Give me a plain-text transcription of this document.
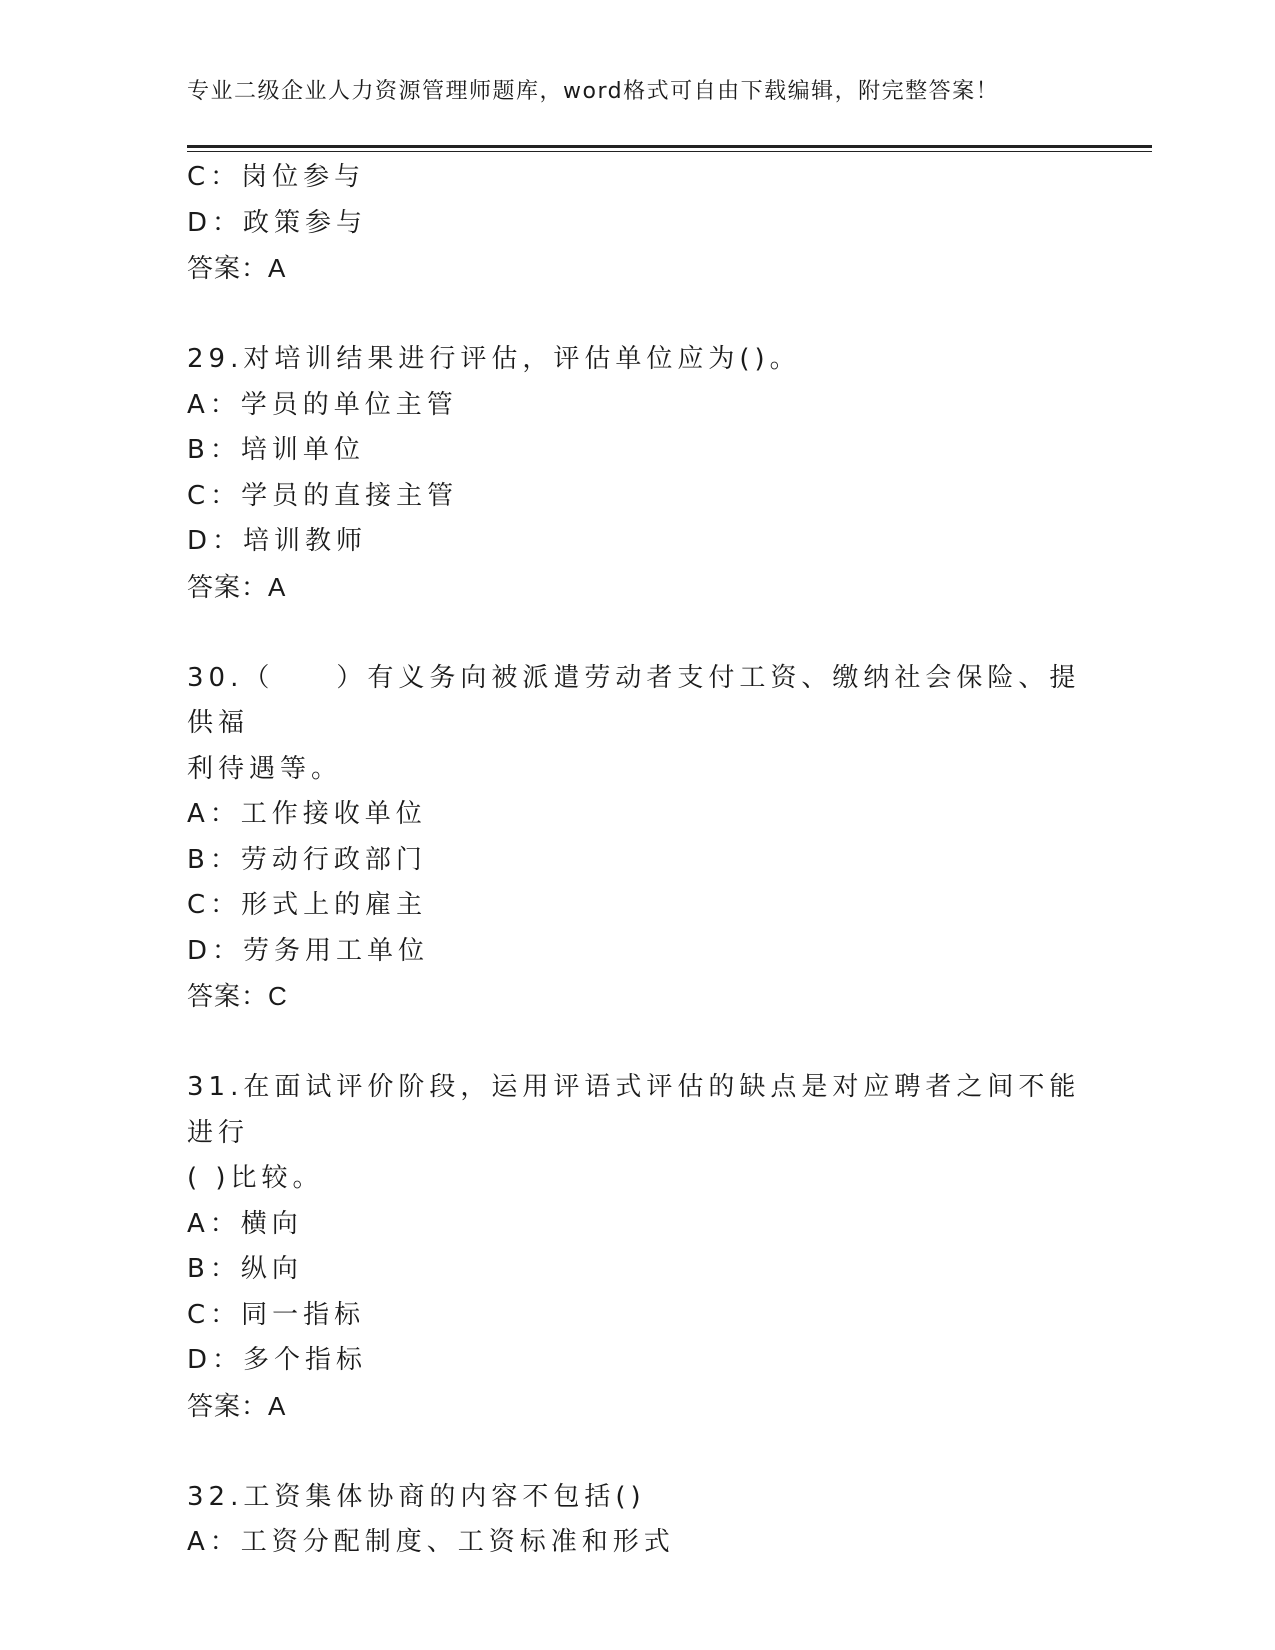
专业二级企业人力资源管理师题库，word格式可自由下载编辑，附完整答案！
C：岗位参与
D：政策参与
答案：A
29.对培训结果进行评估，评估单位应为()。
A：学员的单位主管
B：培训单位
C：学员的直接主管
D：培训教师
答案：A
30.（　　）有义务向被派遣劳动者支付工资、缴纳社会保险、提供福
利待遇等。
A：工作接收单位
B：劳动行政部门
C：形式上的雇主
D：劳务用工单位
答案：C
31.在面试评价阶段，运用评语式评估的缺点是对应聘者之间不能进行
( )比较。
A：横向
B：纵向
C：同一指标
D：多个指标
答案：A
32.工资集体协商的内容不包括()
A：工资分配制度、工资标准和形式
